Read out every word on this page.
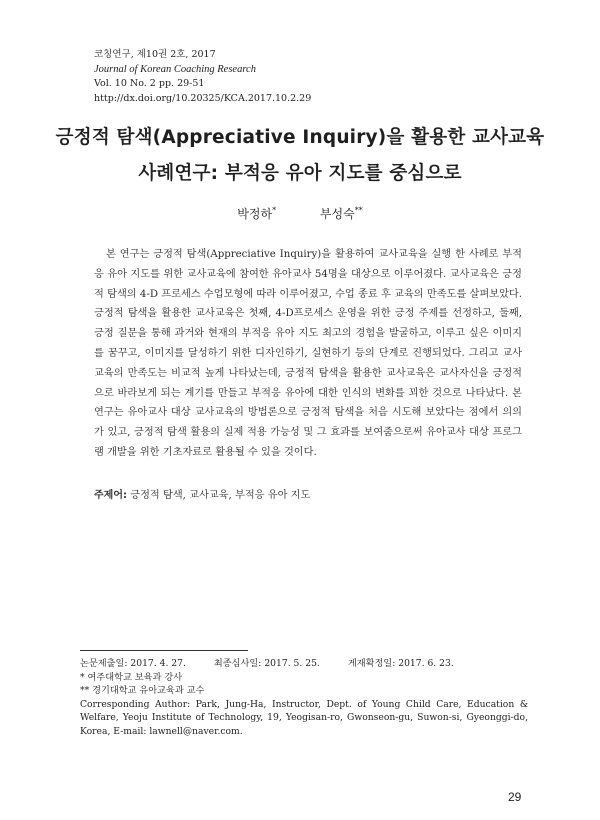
코칭연구, 제10권 2호, 2017
Journal of Korean Coaching Research
Vol. 10 No. 2 pp. 29-51
http://dx.doi.org/10.20325/KCA.2017.10.2.29
긍정적 탐색(Appreciative Inquiry)을 활용한 교사교육
사례연구: 부적응 유아 지도를 중심으로
박정하*	부성숙**
본 연구는 긍정적 탐색(Appreciative Inquiry)을 활용하여 교사교육을 실행 한 사례로 부적응 유아 지도를 위한 교사교육에 참여한 유아교사 54명을 대상으로 이루어졌다. 교사교육은 긍정적 탐색의 4-D 프로세스 수업모형에 따라 이루어졌고, 수업 종료 후 교육의 만족도를 살펴보았다. 긍정적 탐색을 활용한 교사교육은 첫째, 4-D프로세스 운영을 위한 긍정 주제를 선정하고, 둘째, 긍정 질문을 통해 과거와 현재의 부적응 유아 지도 최고의 경험을 발굴하고, 이루고 싶은 이미지를 꿈꾸고, 이미지를 달성하기 위한 디자인하기, 실현하기 등의 단계로 진행되었다. 그리고 교사교육의 만족도는 비교적 높게 나타났는데, 긍정적 탐색을 활용한 교사교육은 교사자신을 긍정적으로 바라보게 되는 계기를 만들고 부적응 유아에 대한 인식의 변화를 꾀한 것으로 나타났다. 본 연구는 유아교사 대상 교사교육의 방법론으로 긍정적 탐색을 처음 시도해 보았다는 점에서 의의가 있고, 긍정적 탐색 활용의 실제 적용 가능성 및 그 효과를 보여줌으로써 유아교사 대상 프로그램 개발을 위한 기초자료로 활용될 수 있을 것이다.
주제어: 긍정적 탐색, 교사교육, 부적응 유아 지도
논문제출일: 2017. 4. 27.	최종심사일: 2017. 5. 25.	게재확정일: 2017. 6. 23.
* 여주대학교 보육과 강사
** 경기대학교 유아교육과 교수
Corresponding Author: Park, Jung-Ha, Instructor, Dept. of Young Child Care, Education & Welfare, Yeoju Institute of Technology, 19, Yeogisan-ro, Gwonseon-gu, Suwon-si, Gyeonggi-do, Korea, E-mail: lawnell@naver.com.
29
